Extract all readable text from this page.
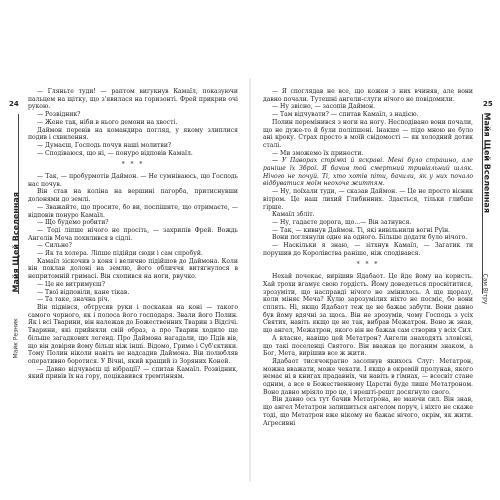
24
Майя Щей Вселенная
Майк Резник

— Гляньте туди! — раптом вигукнув Камаїл, показуючи пальцем на щітку, що з'явилася на горизонті. Фрей прикрив очі рукою.

— Розвідник?

— Жене так, ніби в нього демони на хвості.

Даймон перевів на командира погляд, у якому злиплися подив і схвилення.

— Думаєш, Господь почув наші молитви?

— Сподіваюся, що ні, — понуро відповів Камаїл.

* * *

— Так, — пробурмотів Даймон. — Не сумніваюсь, що Господь нас почув.

Він став на коліна на вершині пагорба, притиснувши долонями до землі.

— Зважайте, що просите, бо ви, поспішите, що отримаєте, — відповів понуро Камаїл.

— Що будемо робити?

— Тоді ліпше нічого не просіть, — захрипів Фрей. Вождь Ангелів Меча похилився в сідлі.

— Сильне?

— Як та холера. Ліпше підійди сюди і сам спробуй.

Камаїл зіскочив з коня і велично підійшов до Даймона. Коли він поклав долоні на землю, його обличчя витягнулося в непритомній гримасі. Він схопився на ноги, рвучко.

— Це не витримуєш?

— Твої відповіли, кане тікав.

— Та таке, значна річ.

Він підвівся, обтрусив руки і поскакав на коні — такого самого чорного, як і полоса його господаря. Звали його Полин. Як і всі Тварини, він належав до Божественних Тварин з Відсічі. Тварини, які прийняли свій образ, а про Тварин ходило ще більше загадкових легенд. Про Даймона нагадали, що Пдів вів, що він довіряв йому більш ніж інші. Відомо, Гримо і Суб'єктики. Тому Полин ніколи навіть не надсадив Даймона. Він полюбляв оперативно боротися. У Вічні, який кращий із Зоряних Коней.

— Давно відчуваєш ці вібрації? — спитав Камаїл. Розвідник, який привів їх на гору, поцікавився тремтінням.

— Я споглядав не все, що кожен з них вчиняв, але вони давно почали. Тутешні ангели-слуги нічого не повідомили.

— Ну звісно, — засопів Даймон.

— Там відчувати? — спитав Камаїл, з надією.

Полин перемінився з ноги на ногу. Несподівано вони почали, що не дуже-то й були поліпшені. Інакше — підо мною не було ані кроку. Страх просто в моїй свідомості — як холодний дотик сталі.

— Ми зможемо їх принести.

— У Паворах стрімкі й яскраві. Мені було страшно, але раніше їх Зброї. Я бачив той смертний тривіальний шляк. Нічого не почуй. Ті, хто хотів піти, бачили, як у них почало відбуватися моїм неохоче життям.

— Ну, поїхали туди, — сказав Даймон. — Це не просто вісник вітром. Це наш лихий Глибинних. Здається, тільки глибше гірше.

Камаїл збліт.

— Ну, гадаєте дорога, що...— Він затнувся.

— Так, — кивнув Даймон. Ті, які вивільнили вогні Руїн.

Вони поглянули одне на одного. Більше додати було нічого.

— Наскільки я знаю, — зітхнув Камаїл, — Загатик ти порушив до Королівства раніше, ніж сподівався.

* * *

Нехай почекає, вирішив Ядабаот. Це йде йому на користь. Хай трохи вгамує свою гордість. Йому доведеться просвітитися, зрозуміти, що насправді нічого не змінилось. А ще щоразу, коли міняє Меча? Кулю зарозумілих ніхто не посміє, бо вони сплять. Ні, якщо Ядабаот теж це не бажає забути. Вони давно був йому вдячні за щось. Він не зрозумів, чому Господь з усіх Святих, навіть якщо це не так, вибрав Межатрон. Воно ж знав, що ангел, Межатрон, якого він не бажав сам створив у всіх Сил.

А власне, навіщо цей Метатрон? Ангели знаходять зловісні, що такі поселенці Святого. Він вважав це поганим знаком, а Бог, Мета, вирішив все ж жити.

Ядабаот тисячократно засопнув якихось Слуг: Метатрон, можна вважати, може чекати. І якщо в окремій пролунав, якого немає ні в книгах прадавніх, чи навіть в гімнах, — всесвіт стане одним, а все в Божественному Царстві буде лише Метатроном. Воно давно мріяло про це, і врешті-решт досягнуло свого.

Він давно ось тут бачив Метатрона, не маючи сил. Він знав, що ангел Метатрон залишиться ангелом поруч, і ніхто не скаже тоді, що Метатрон вже нікому не бажає нічого, окрім, як жити. Агресивні

25
Майя Щей Вселенная
Сам Вітру
